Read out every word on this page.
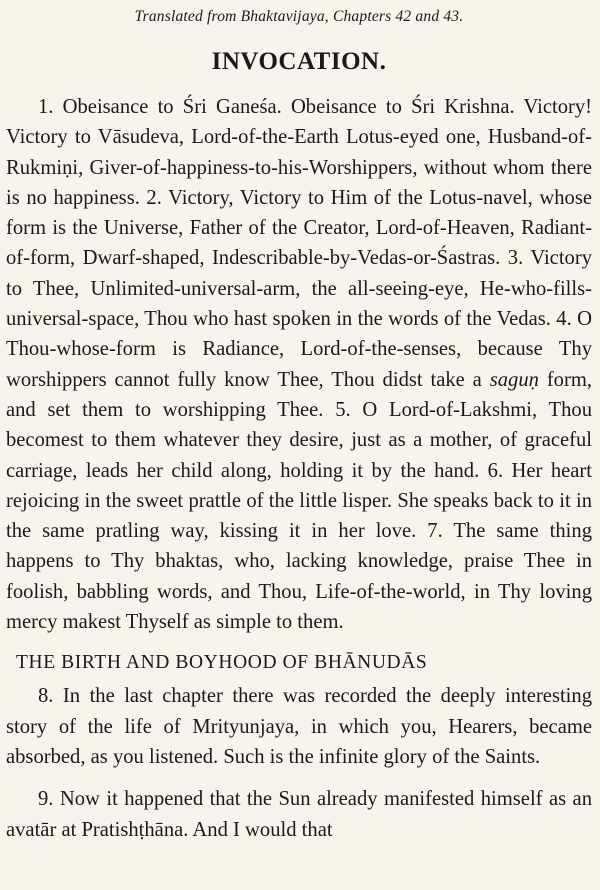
Translated from Bhaktavijaya, Chapters 42 and 43.
INVOCATION.

1. Obeisance to Śri Ganeśa. Obeisance to Śri Krishna. Victory! Victory to Vāsudeva, Lord-of-the-Earth Lotus-eyed one, Husband-of-Rukmiṇi, Giver-of-happiness-to-his-Worshippers, without whom there is no happiness. 2. Victory, Victory to Him of the Lotus-navel, whose form is the Universe, Father of the Creator, Lord-of-Heaven, Radiant-of-form, Dwarf-shaped, Indescribable-by-Vedas-or-Śastras. 3. Victory to Thee, Unlimited-universal-arm, the all-seeing-eye, He-who-fills-universal-space, Thou who hast spoken in the words of the Vedas. 4. O Thou-whose-form is Radiance, Lord-of-the-senses, because Thy worshippers cannot fully know Thee, Thou didst take a saguṇ form, and set them to worshipping Thee. 5. O Lord-of-Lakshmi, Thou becomest to them whatever they desire, just as a mother, of graceful carriage, leads her child along, holding it by the hand. 6. Her heart rejoicing in the sweet prattle of the little lisper. She speaks back to it in the same pratling way, kissing it in her love. 7. The same thing happens to Thy bhaktas, who, lacking knowledge, praise Thee in foolish, babbling words, and Thou, Life-of-the-world, in Thy loving mercy makest Thyself as simple to them.

THE BIRTH AND BOYHOOD OF BHĀNUDĀS

8. In the last chapter there was recorded the deeply interesting story of the life of Mrityunjaya, in which you, Hearers, became absorbed, as you listened. Such is the infinite glory of the Saints.

9. Now it happened that the Sun already manifested himself as an avatār at Pratishṭhāna. And I would that
